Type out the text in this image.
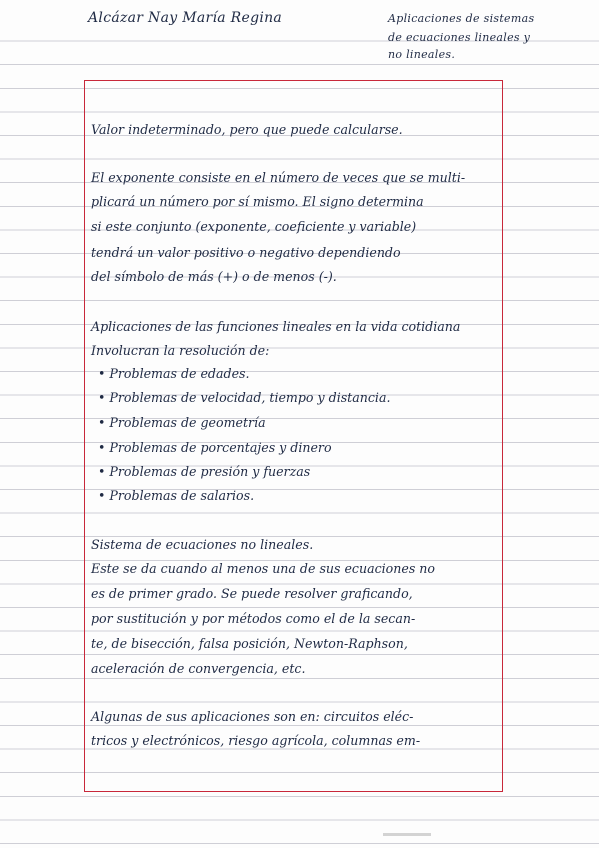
Alcázar Nay María Regina	Aplicaciones de sistemas
de ecuaciones lineales y
no lineales.
Valor indeterminado, pero que puede calcularse.
El exponente consiste en el número de veces que se multi-
plicará un número por sí mismo. El signo determina
si este conjunto (exponente, coeficiente y variable)
tendrá un valor positivo o negativo dependiendo
del símbolo de más (+) o de menos (-).
Aplicaciones de las funciones lineales en la vida cotidiana
Involucran la resolución de:
• Problemas de edades.
• Problemas de velocidad, tiempo y distancia.
• Problemas de geometría
• Problemas de porcentajes y dinero
• Problemas de presión y fuerzas
• Problemas de salarios.
Sistema de ecuaciones no lineales.
Este se da cuando al menos una de sus ecuaciones no
es de primer grado. Se puede resolver graficando,
por sustitución y por métodos como el de la secan-
te, de bisección, falsa posición, Newton-Raphson,
aceleración de convergencia, etc.
Algunas de sus aplicaciones son en: circuitos eléc-
tricos y electrónicos, riesgo agrícola, columnas em-
